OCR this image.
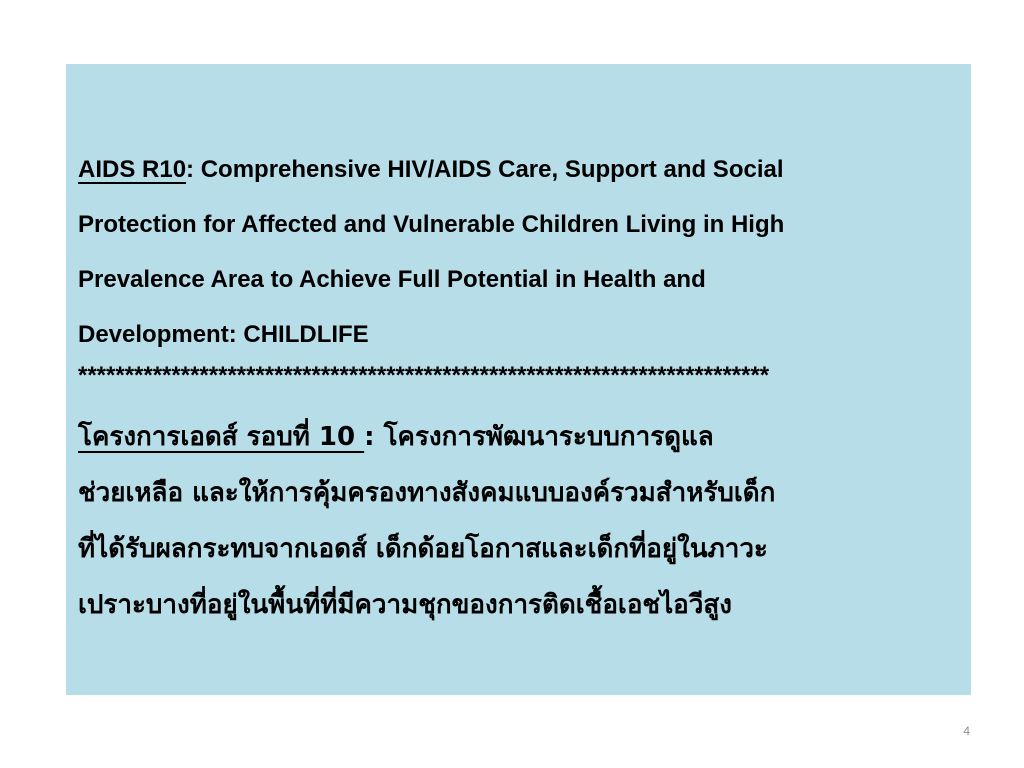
AIDS R10: Comprehensive HIV/AIDS Care, Support and Social
Protection for Affected and Vulnerable Children Living in High
Prevalence Area to Achieve Full Potential in Health and
Development: CHILDLIFE
**************************************************************************
โครงการเอดส์ รอบที่ 10 : โครงการพัฒนาระบบการดูแล
ช่วยเหลือ และให้การคุ้มครองทางสังคมแบบองค์รวมสำหรับเด็ก
ที่ได้รับผลกระทบจากเอดส์ เด็กด้อยโอกาสและเด็กที่อยู่ในภาวะ
เปราะบางที่อยู่ในพื้นที่ที่มีความชุกของการติดเชื้อเอชไอวีสูง
4
